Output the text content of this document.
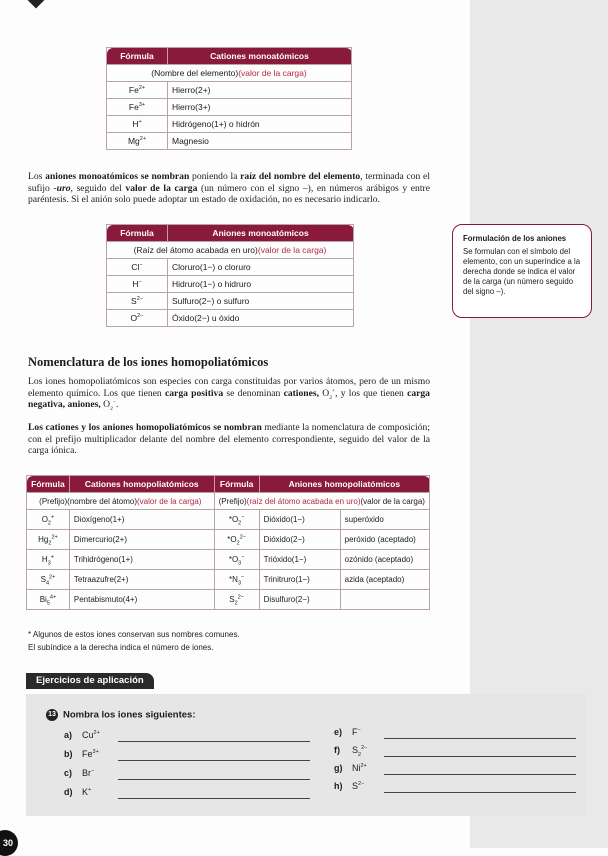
Fórmula	Cationes monoatómicos
(Nombre del elemento)(valor de la carga)	
$Fe^{2+}$	Hierro(2+)
$Fe^{3+}$	Hierro(3+)
H+	Hidrógeno(1+) o hidrón
$Mg^{2+}$	Magnesio

Los aniones monoatómicos se nombran poniendo la raíz del nombre del elemento, terminada con el sufijo -uro, seguido del valor de la carga (un número con el signo –), en números arábigos y entre paréntesis. Si el anión solo puede adoptar un estado de oxidación, no es necesario indicarlo.

Fórmula	Aniones monoatómicos
(Raíz del átomo acabada en uro)(valor de la carga)	
Cl−	Cloruro(1−) o cloruro
H−	Hidruro(1−) o hidruro
$S^{2-}$	Sulfuro(2−) o sulfuro
$O^{2-}$	Óxido(2−) u óxido
Formulación de los aniones
Se formulan con el símbolo del elemento, con un superíndice a la derecha donde se indica el valor de la carga (un número seguido del signo –).
Nomenclatura de los iones homopoliatómicos

Los iones homopoliatómicos son especies con carga constituidas por varios átomos, pero de un mismo elemento químico. Los que tienen carga positiva se denominan cationes, $O_2^+$, y los que tienen carga negativa, aniones, $O_2^-$.

Los cationes y los aniones homopoliatómicos se nombran mediante la nomenclatura de composición; con el prefijo multiplicador delante del nombre del elemento correspondiente, seguido del valor de la carga iónica.

Fórmula	Cationes homopoliatómicos	Fórmula	Aniones homopoliatómicos	
(Prefijo)(nombre del átomo)(valor de la carga)		(Prefijo)(raíz del átomo acabada en uro)(valor de la carga)		
$O_2^+$	Dioxígeno(1+)	$*O_2^-$	Dióxido(1−)	superóxido
$Hg_2^{2+}$	Dimercurio(2+)	$*O_2^{2-}$	Dióxido(2−)	peróxido (aceptado)
$H_3^+$	Trihidrógeno(1+)	$*O_3^-$	Trióxido(1−)	ozónido (aceptado)
$S_4^{2+}$	Tetraazufre(2+)	$*N_3^-$	Trinitruro(1−)	azida (aceptado)
$Bi_5^{4+}$	Pentabismuto(4+)	$S_2^{2-}$	Disulfuro(2−)	
* Algunos de estos iones conservan sus nombres comunes.
El subíndice a la derecha indica el número de iones.
Ejercicios de aplicación
13 Nombra los iones siguientes:
a) $Cu^{2+}$
b) $Fe^{3+}$
c) Br−
d) K+
e) F−
f) $S_2^{2-}$
g) $Ni^{2+}$
h) $S^{2-}$
30
